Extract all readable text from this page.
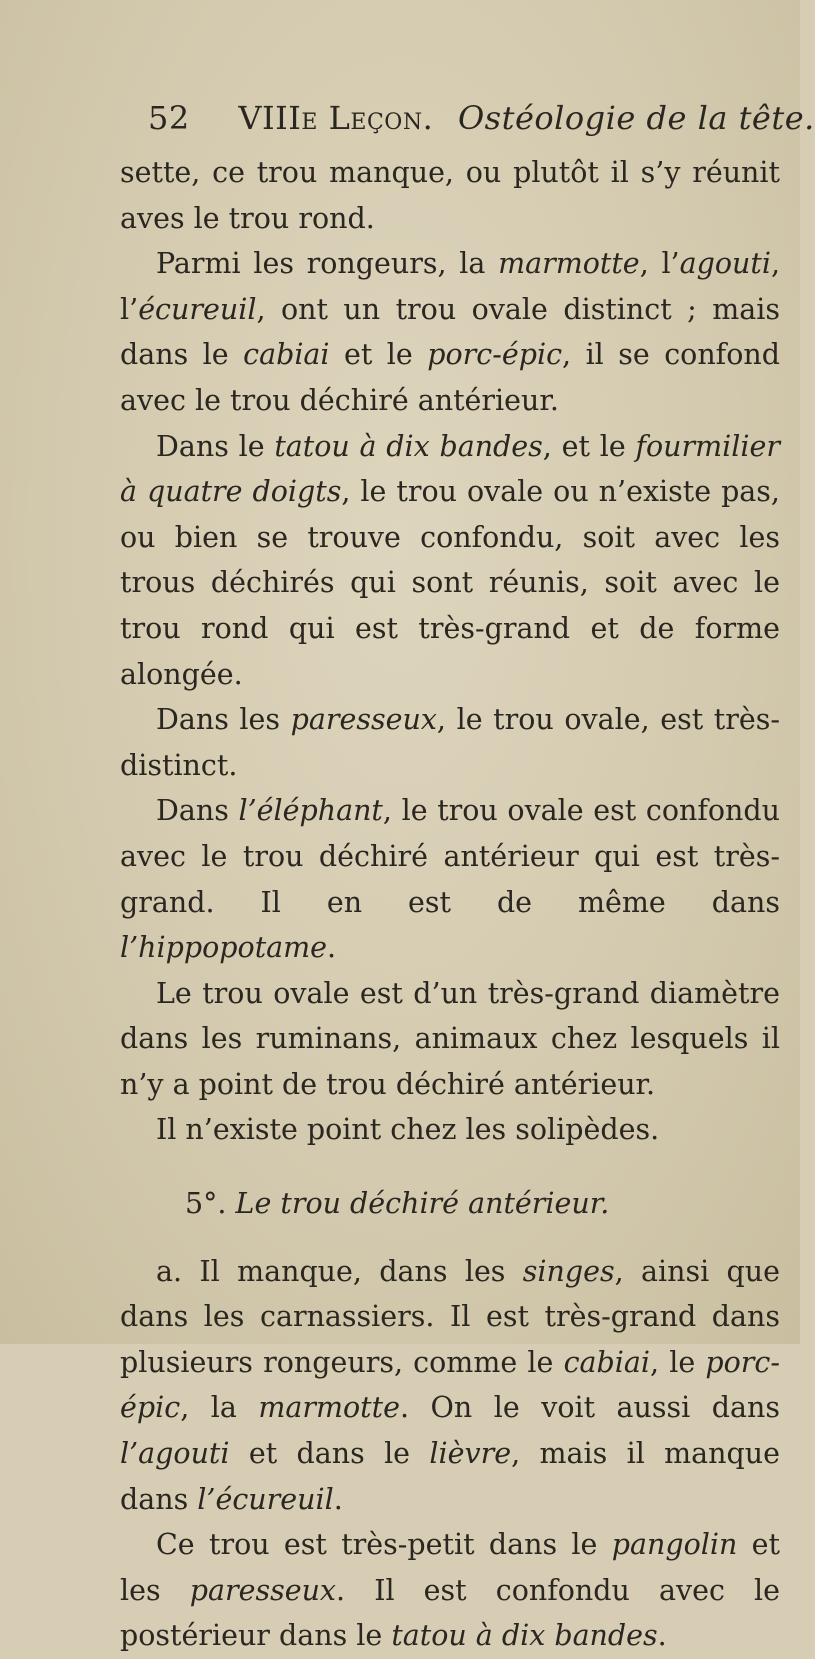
52 VIIIe Leçon. Ostéologie de la tête.

sette, ce trou manque, ou plutôt il s’y réunit aves le trou rond.

Parmi les rongeurs, la marmotte, l’agouti, l’écureuil, ont un trou ovale distinct ; mais dans le cabiai et le porc-épic, il se confond avec le trou déchiré antérieur.

Dans le tatou à dix bandes, et le fourmilier à quatre doigts, le trou ovale ou n’existe pas, ou bien se trouve confondu, soit avec les trous déchirés qui sont réunis, soit avec le trou rond qui est très-grand et de forme alongée.

Dans les paresseux, le trou ovale, est très-distinct.

Dans l’éléphant, le trou ovale est confondu avec le trou déchiré antérieur qui est très-grand. Il en est de même dans l’hippopotame.

Le trou ovale est d’un très-grand diamètre dans les ruminans, animaux chez lesquels il n’y a point de trou déchiré antérieur.

Il n’existe point chez les solipèdes.

5°. Le trou déchiré antérieur.

a. Il manque, dans les singes, ainsi que dans les carnassiers. Il est très-grand dans plusieurs rongeurs, comme le cabiai, le porc-épic, la marmotte. On le voit aussi dans l’agouti et dans le lièvre, mais il manque dans l’écureuil.

Ce trou est très-petit dans le pangolin et les paresseux. Il est confondu avec le postérieur dans le tatou à dix bandes.
